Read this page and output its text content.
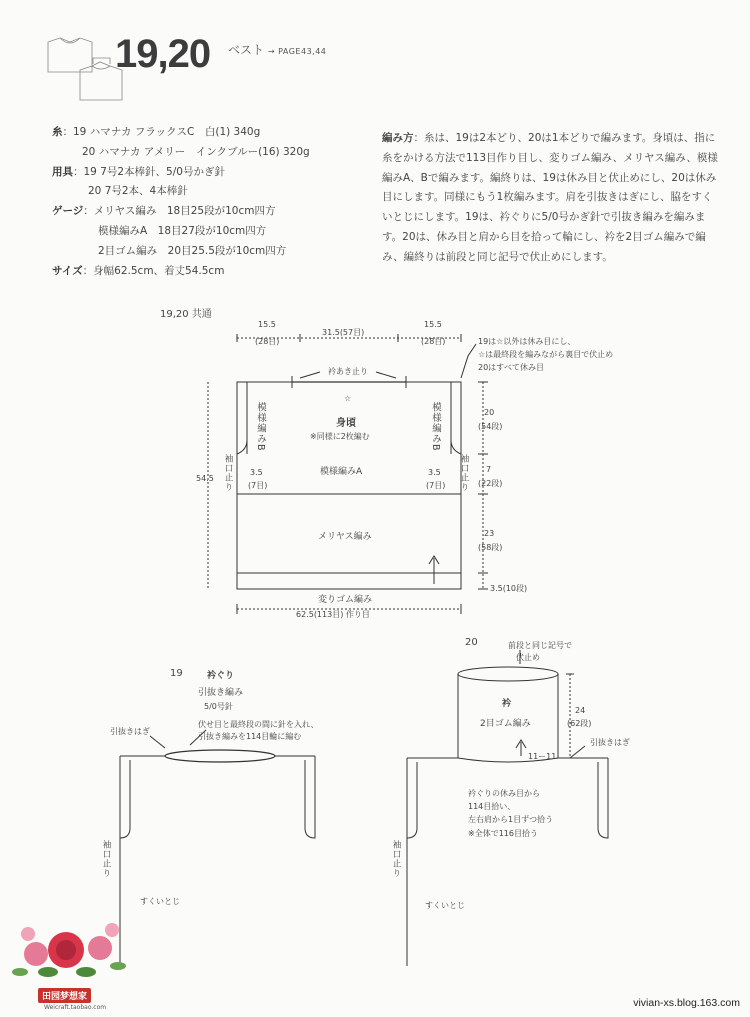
19,20 ベスト → PAGE43,44
糸：19 ハマナカ フラックスC　白(1) 340g
20 ハマナカ アメリー　インクブルー(16) 320g
用具：19 7号2本棒針、5/0号かぎ針
20 7号2本、4本棒針
ゲージ：メリヤス編み　18目25段が10cm四方
模様編みA　18目27段が10cm四方
2目ゴム編み　20目25.5段が10cm四方
サイズ：身幅62.5cm、着丈54.5cm
編み方：糸は、19は2本どり、20は1本どりで編みます。身頃は、指に糸をかける方法で113目作り目し、変りゴム編み、メリヤス編み、模様編みA、Bで編みます。編終りは、19は休み目と伏止めにし、20は休み目にします。同様にもう1枚編みます。肩を引抜きはぎにし、脇をすくいとじにします。19は、衿ぐりに5/0号かぎ針で引抜き編みを編みます。20は、休み目と肩から目を拾って輪にし、衿を2目ゴム編みで編み、編終りは前段と同じ記号で伏止めにします。
19,20 共通
15.5
(28目)
31.5(57目)
15.5
(28目)	19は☆以外は休み目にし、
☆は最終段を編みながら裏目で伏止め
20はすべて休み目
衿あき止り
☆
身頃
※同様に2枚編む
模様編みB	模様編みB
模様編みA
メリヤス編み
変りゴム編み
袖口止り	袖口止り
3.5
(7目)
3.5
(7目)
54.5
20
(54段)
7
(22段)
23
(58段)
3.5(10段)
62.5(113目) 作り目
19	衿ぐり
引抜き編み
5/0号針
伏せ目と最終段の間に針を入れ、
引抜き編みを114目輪に編む
引抜きはぎ
袖口止り
すくいとじ
20	前段と同じ記号で
伏止め
衿
2目ゴム編み
24
(62段)
11ー11
引抜きはぎ
衿ぐりの休み目から
114目拾い、
左右肩から1目ずつ拾う
※全体で116目拾う
袖口止り
すくいとじ
田园梦想家
Weicraft.taobao.com	vivian-xs.blog.163.com
